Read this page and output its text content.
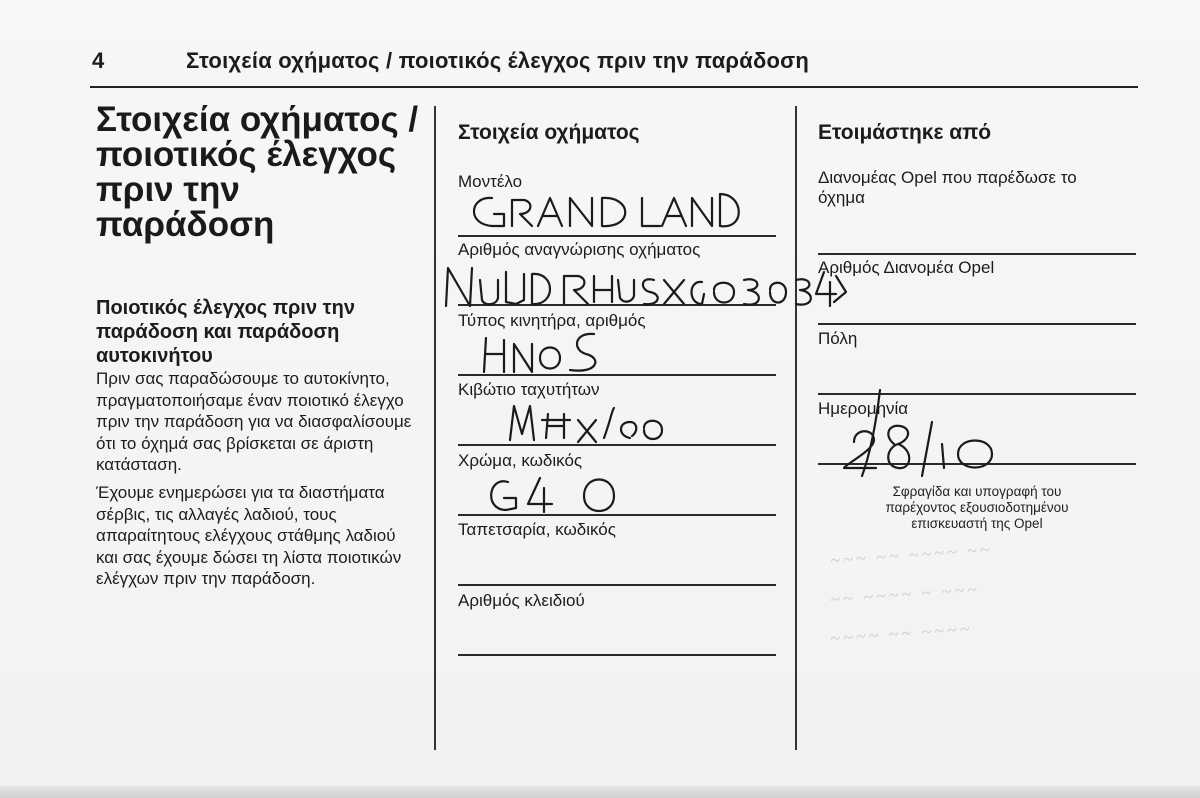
4	Στοιχεία οχήματος / ποιοτικός έλεγχος πριν την παράδοση
Στοιχεία οχήματος /
ποιοτικός έλεγχος
πριν την
παράδοση
Ποιοτικός έλεγχος πριν την
παράδοση και παράδοση
αυτοκινήτου
Πριν σας παραδώσουμε το αυτοκίνητο, πραγματοποιήσαμε έναν ποιοτικό έλεγχο πριν την παράδοση για να διασφαλίσουμε ότι το όχημά σας βρίσκεται σε άριστη κατάσταση.
Έχουμε ενημερώσει για τα διαστήματα σέρβις, τις αλλαγές λαδιού, τους απαραίτητους ελέγχους στάθμης λαδιού και σας έχουμε δώσει τη λίστα ποιοτικών ελέγχων πριν την παράδοση.
Στοιχεία οχήματος
Μοντέλο
Αριθμός αναγνώρισης οχήματος
Τύπος κινητήρα, αριθμός
Κιβώτιο ταχυτήτων
Χρώμα, κωδικός
Ταπετσαρία, κωδικός
Αριθμός κλειδιού
Ετοιμάστηκε από
Διανομέας Opel που παρέδωσε το όχημα
Αριθμός Διανομέα Opel
Πόλη
Ημερομηνία
Σφραγίδα και υπογραφή του παρέχοντος εξουσιοδοτημένου επισκευαστή της Opel
~~~ ~~ ~~~~ ~~
~~ ~~~~ ~ ~~~
~~~~ ~~ ~~~~
